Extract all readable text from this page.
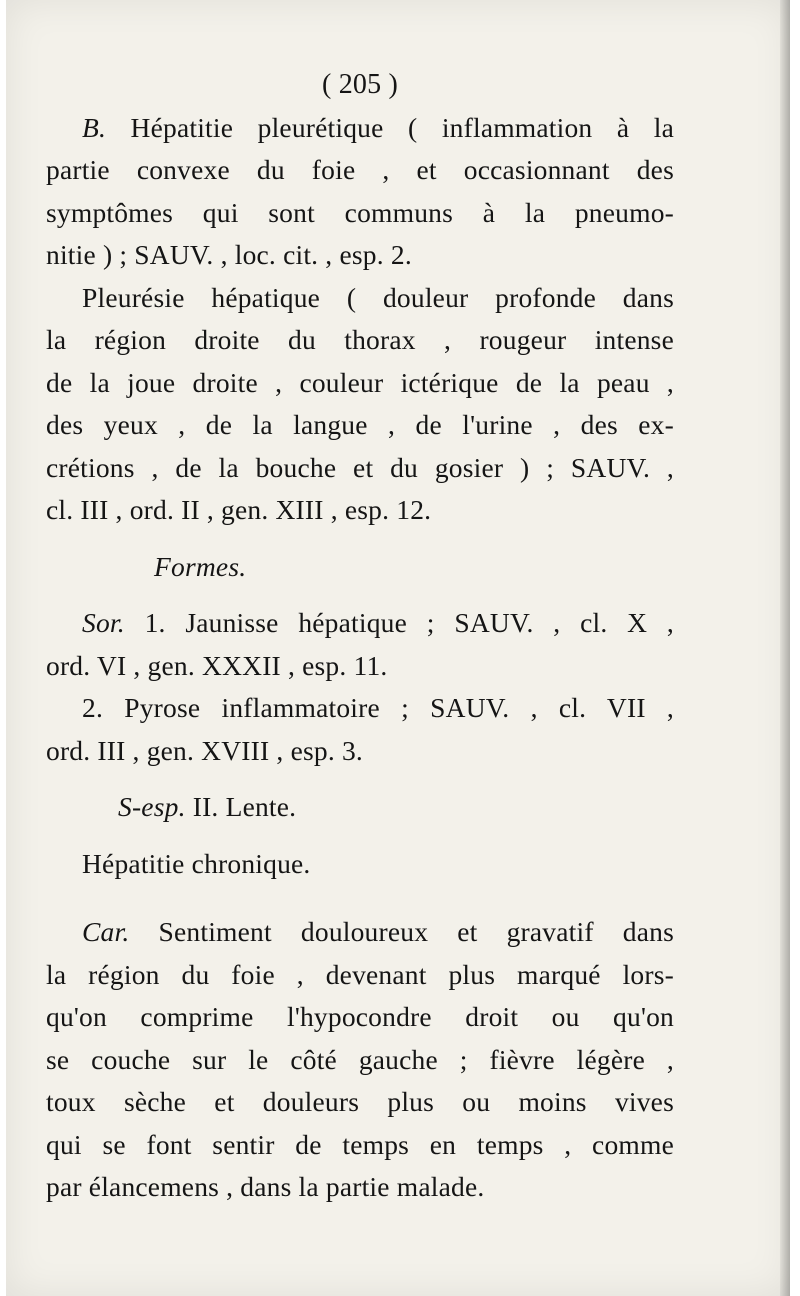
( 205 )
B. Hépatitie pleurétique ( inflammation à la
partie convexe du foie , et occasionnant des
symptômes qui sont communs à la pneumo-
nitie ) ; SAUV. , loc. cit. , esp. 2.
Pleurésie hépatique ( douleur profonde dans
la région droite du thorax , rougeur intense
de la joue droite , couleur ictérique de la peau ,
des yeux , de la langue , de l'urine , des ex-
crétions , de la bouche et du gosier ) ; SAUV. ,
cl. III , ord. II , gen. XIII , esp. 12.
Formes.
Sor. 1. Jaunisse hépatique ; SAUV. , cl. X ,
ord. VI , gen. XXXII , esp. 11.
2. Pyrose inflammatoire ; SAUV. , cl. VII ,
ord. III , gen. XVIII , esp. 3.
S-esp. II. Lente.
Hépatitie chronique.
Car. Sentiment douloureux et gravatif dans
la région du foie , devenant plus marqué lors-
qu'on comprime l'hypocondre droit ou qu'on
se couche sur le côté gauche ; fièvre légère ,
toux sèche et douleurs plus ou moins vives
qui se font sentir de temps en temps , comme
par élancemens , dans la partie malade.
